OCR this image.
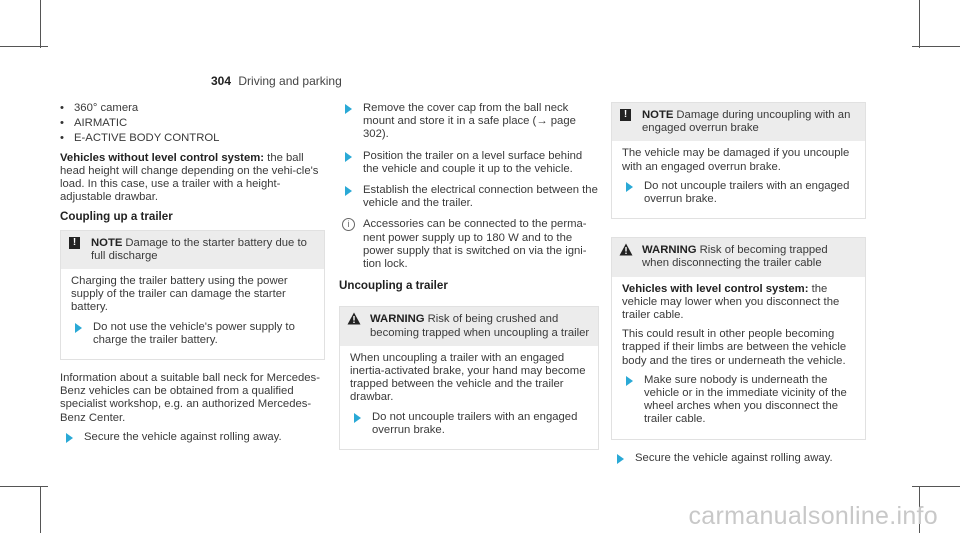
304 Driving and parking
• 360° camera
• AIRMATIC
• E-ACTIVE BODY CONTROL

Vehicles without level control system: the ball head height will change depending on the vehi-cle's load. In this case, use a trailer with a height-adjustable drawbar.

Coupling up a trailer
!	NOTE Damage to the starter battery due to full discharge

Charging the trailer battery using the power supply of the trailer can damage the starter battery.

Do not use the vehicle's power supply to charge the trailer battery.

Information about a suitable ball neck for Mercedes-Benz vehicles can be obtained from a qualified specialist workshop, e.g. an authorized Mercedes-Benz Center.

Secure the vehicle against rolling away.
Remove the cover cap from the ball neck mount and store it in a safe place (→ page 302).
Position the trailer on a level surface behind the vehicle and couple it up to the vehicle.
Establish the electrical connection between the vehicle and the trailer.
i	Accessories can be connected to the perma-nent power supply up to 180 W and to the power supply that is switched on via the igni-tion lock.
Uncoupling a trailer
WARNING Risk of being crushed and becoming trapped when uncoupling a trailer

When uncoupling a trailer with an engaged inertia-activated brake, your hand may become trapped between the vehicle and the trailer drawbar.

Do not uncouple trailers with an engaged overrun brake.
!	NOTE Damage during uncoupling with an engaged overrun brake

The vehicle may be damaged if you uncouple with an engaged overrun brake.

Do not uncouple trailers with an engaged overrun brake.
WARNING Risk of becoming trapped when disconnecting the trailer cable

Vehicles with level control system: the vehicle may lower when you disconnect the trailer cable.

This could result in other people becoming trapped if their limbs are between the vehicle body and the tires or underneath the vehicle.

Make sure nobody is underneath the vehicle or in the immediate vicinity of the wheel arches when you disconnect the trailer cable.
Secure the vehicle against rolling away.
carmanualsonline.info
